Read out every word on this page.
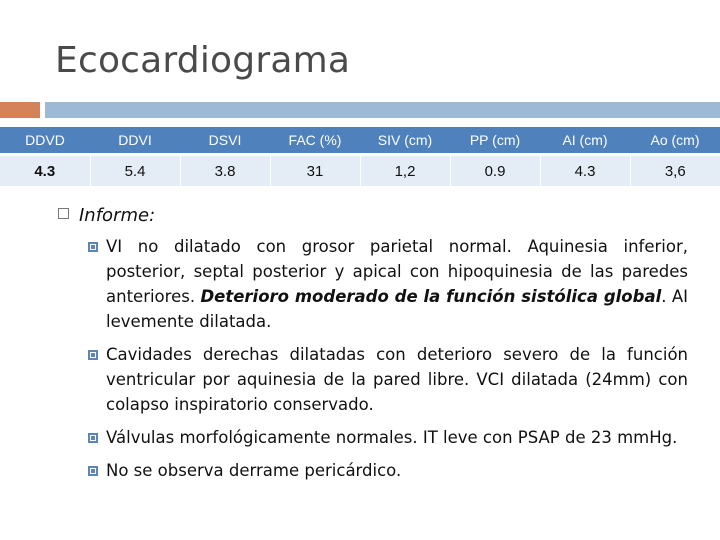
Ecocardiograma
DDVD	DDVI	DSVI	FAC (%)	SIV (cm)	PP (cm)	AI (cm)	Ao (cm)
4.3	5.4	3.8	31	1,2	0.9	4.3	3,6
Informe:
VI no dilatado con grosor parietal normal. Aquinesia inferior, posterior, septal posterior y apical con hipoquinesia de las paredes anteriores. Deterioro moderado de la función sistólica global. AI levemente dilatada.
Cavidades derechas dilatadas con deterioro severo de la función ventricular por aquinesia de la pared libre. VCI dilatada (24mm) con colapso inspiratorio conservado.
Válvulas morfológicamente normales. IT leve con PSAP de 23 mmHg.
No se observa derrame pericárdico.
